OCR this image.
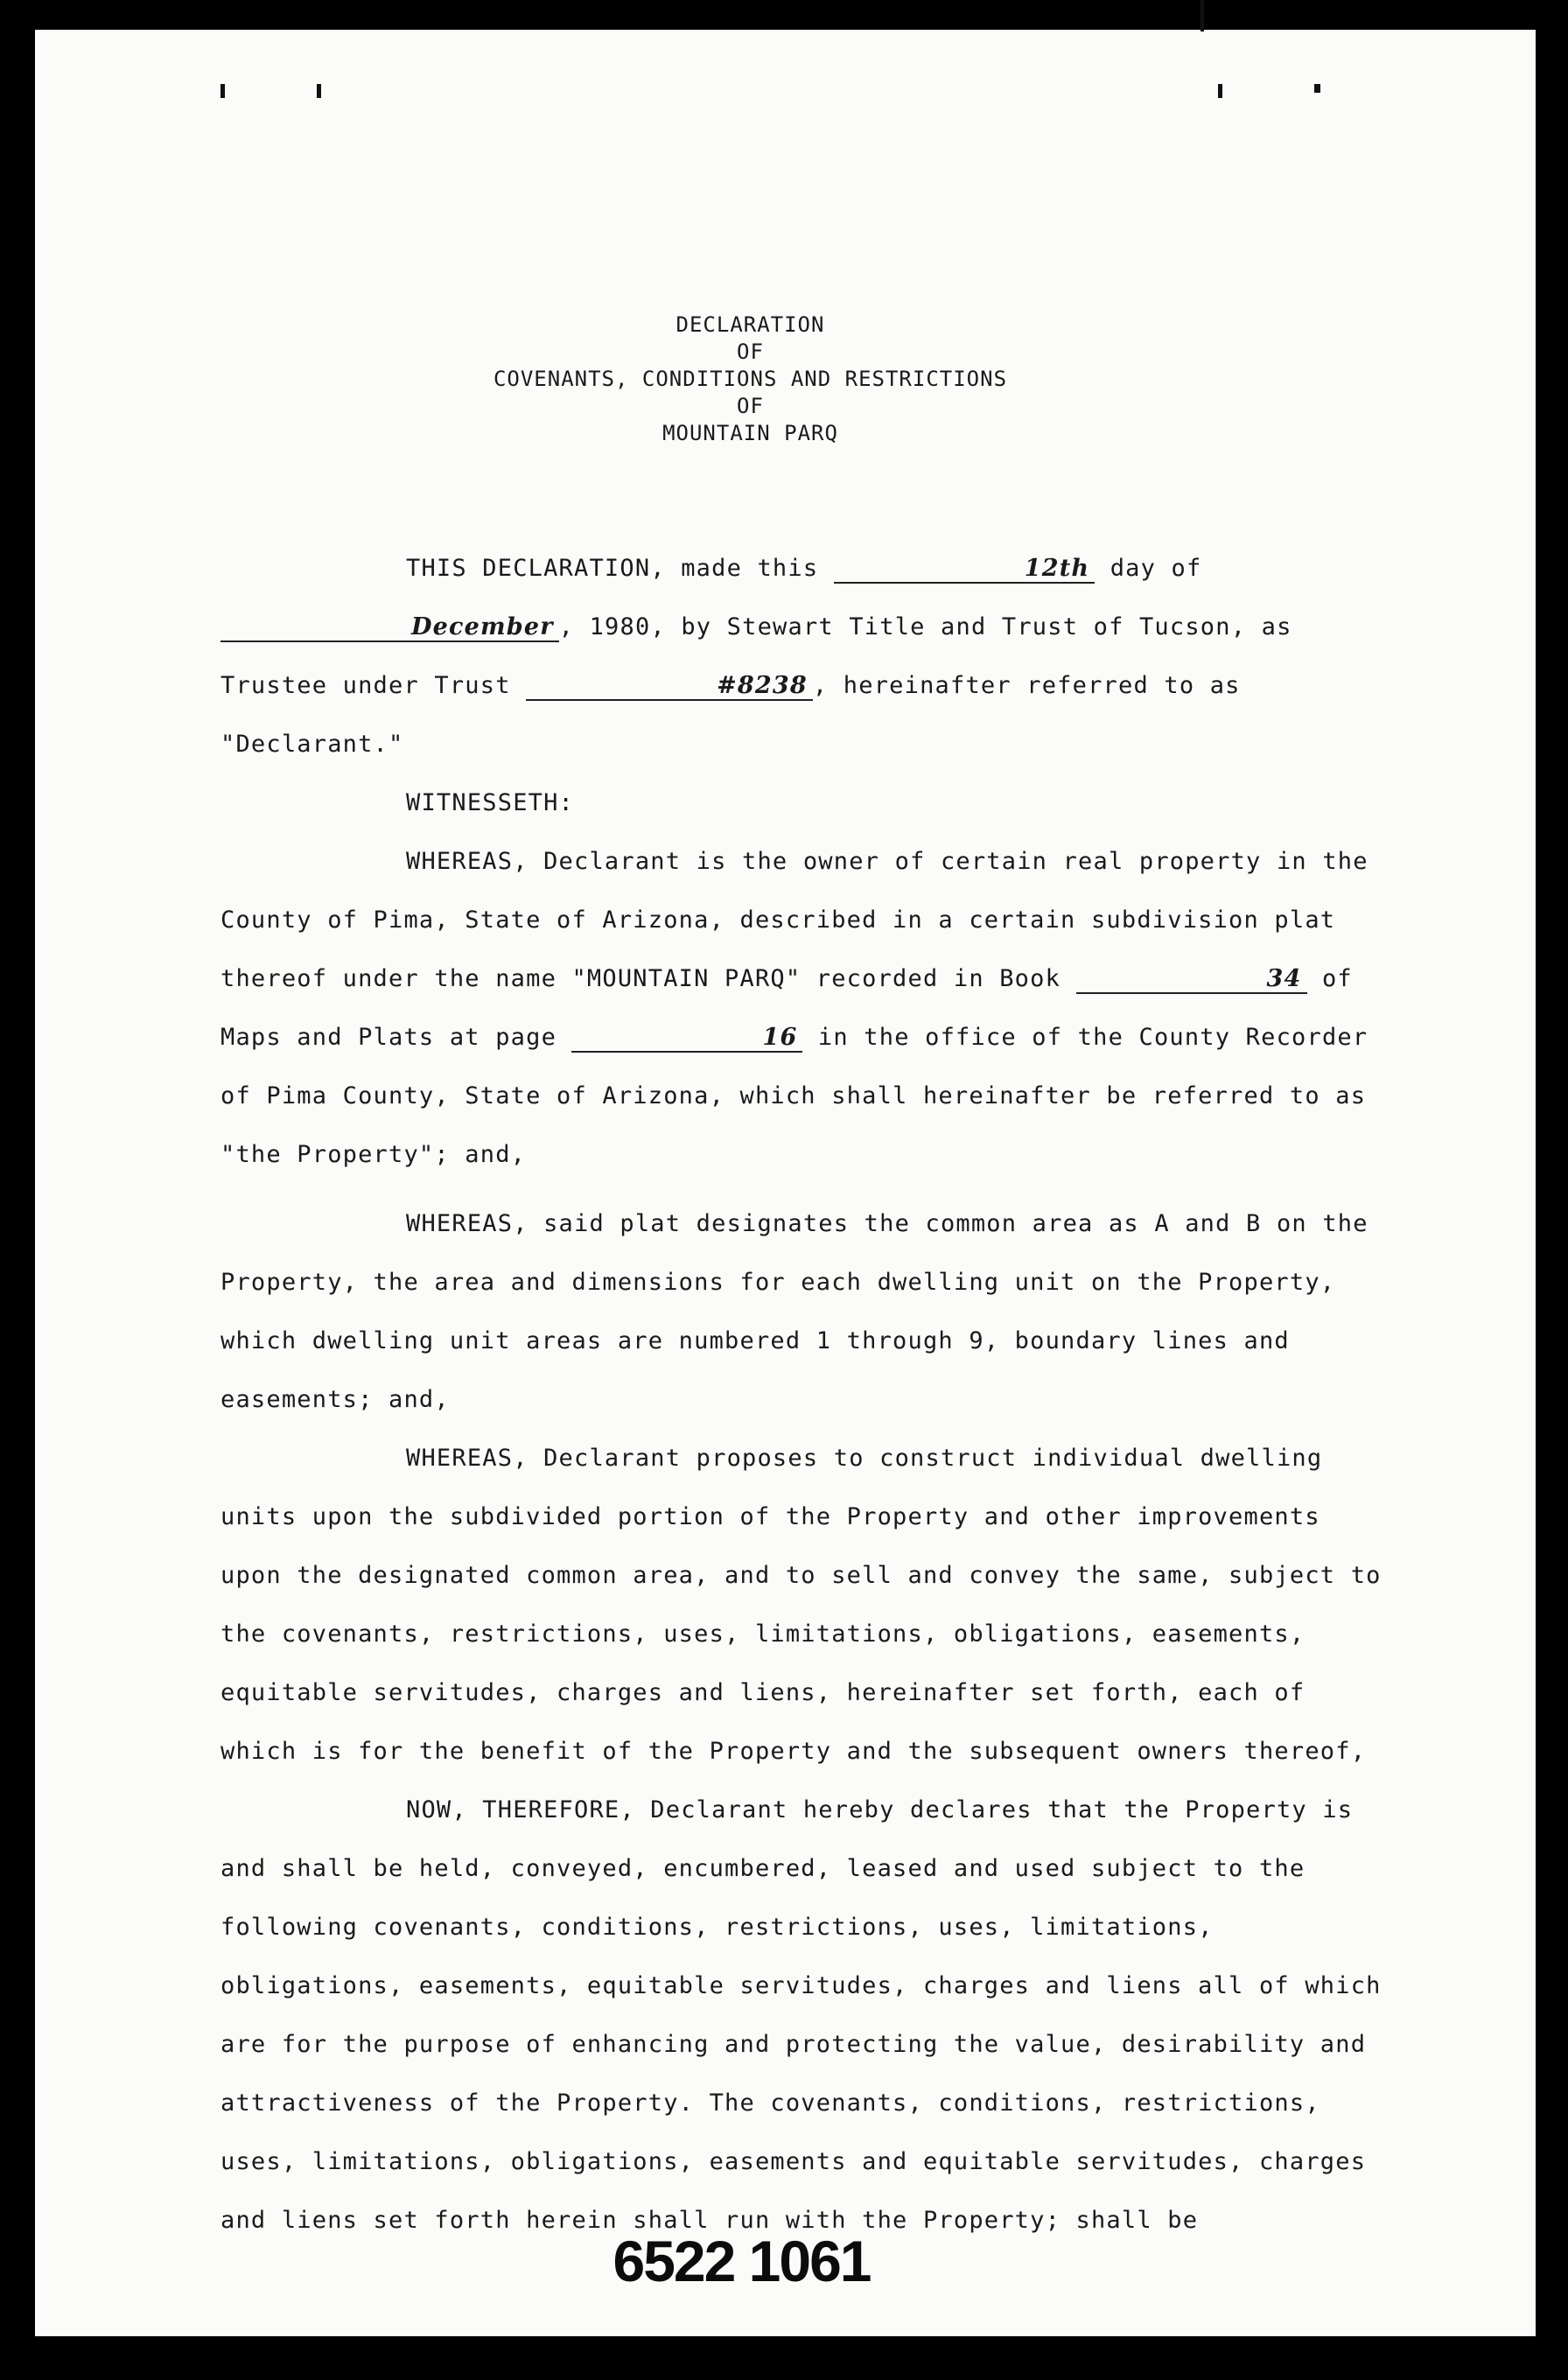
DECLARATION
OF
COVENANTS, CONDITIONS AND RESTRICTIONS
OF
MOUNTAIN PARQ

THIS DECLARATION, made this	12th day of December , 1980, by Stewart Title and Trust of Tucson, as Trustee under Trust	#8238 , hereinafter referred to as "Declarant."

WITNESSETH:

WHEREAS, Declarant is the owner of certain real property in the County of Pima, State of Arizona, described in a certain subdivision plat thereof under the name "MOUNTAIN PARQ" recorded in Book	34 of Maps and Plats at page	16 in the office of the County Recorder of Pima County, State of Arizona, which shall hereinafter be referred to as "the Property"; and,

WHEREAS, said plat designates the common area as A and B on the Property, the area and dimensions for each dwelling unit on the Property, which dwelling unit areas are numbered 1 through 9, boundary lines and easements; and,

WHEREAS, Declarant proposes to construct individual dwelling units upon the subdivided portion of the Property and other improvements upon the designated common area, and to sell and convey the same, subject to the covenants, restrictions, uses, limitations, obligations, easements, equitable servitudes, charges and liens, hereinafter set forth, each of which is for the benefit of the Property and the subsequent owners thereof,

NOW, THEREFORE, Declarant hereby declares that the Property is and shall be held, conveyed, encumbered, leased and used subject to the following covenants, conditions, restrictions, uses, limitations, obligations, easements, equitable servitudes, charges and liens all of which are for the purpose of enhancing and protecting the value, desirability and attractiveness of the Property. The covenants, conditions, restrictions, uses, limitations, obligations, easements and equitable servitudes, charges and liens set forth herein shall run with the Property; shall be

6522 1061
